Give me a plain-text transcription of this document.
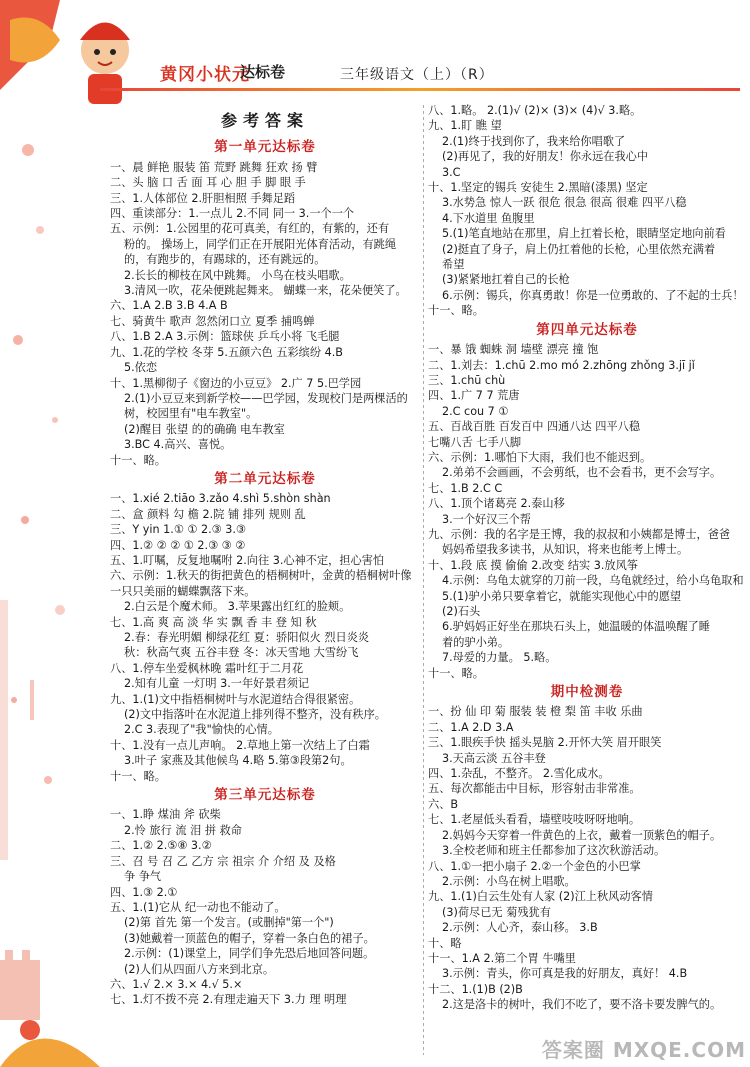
黄冈小状元
达标卷	三年级语文（上）（R）
参考答案
第一单元达标卷
一、晨 鲜艳 服装 笛 荒野 跳舞 狂欢 扬 臂
二、头 脑 口 舌 面 耳 心 胆 手 脚 眼 手
三、1.人体部位 2.肝胆相照 手舞足蹈
四、重读部分：1.一点儿 2.不同 同一 3.一个一个
五、示例：1.公园里的花可真美，有红的，有紫的，还有
粉的。 操场上，同学们正在开展阳光体育活动，有跳绳
的，有跑步的，有踢球的，还有跳远的。
2.长长的柳枝在风中跳舞。 小鸟在枝头唱歌。
3.清风一吹，花朵便跳起舞来。 蝴蝶一来，花朵便笑了。
六、1.A 2.B 3.B 4.A B
七、骑黄牛 歌声 忽然闭口立 夏季 捕鸣蝉
八、1.B 2.A 3.示例：篮球侠 乒乓小将 飞毛腿
九、1.花的学校 冬芽 5.五颜六色 五彩缤纷 4.B
5.依恋
十、1.黑柳彻子《窗边的小豆豆》 2.广 7 5.巴学园
2.(1)小豆豆来到新学校——巴学园，发现校门是两棵活的
树，校园里有"电车教室"。
(2)醒目 张望 的的确确 电车教室
3.BC 4.高兴、喜悦。
十一、略。
第二单元达标卷
一、1.xié 2.tiāo 3.zǎo 4.shì 5.shòn shàn
二、盒 颜料 勾 檐 2.院 铺 排列 规则 乱
三、Y yin 1.① ① 2.③ 3.③
四、1.② ② ② ① 2.③ ③ ②
五、1.叮嘱，反复地嘱咐 2.向往 3.心神不定，担心害怕
六、示例：1.秋天的街把黄色的梧桐树叶，金黄的梧桐树叶像
一只只美丽的蝴蝶飘落下来。
2.白云是个魔术师。 3.苹果露出红红的脸颊。
七、1.高 爽 高 淡 华 实 飘 香 丰 登 知 秋
2.春：春光明媚 柳绿花红 夏：骄阳似火 烈日炎炎
秋：秋高气爽 五谷丰登 冬：冰天雪地 大雪纷飞
八、1.停车坐爱枫林晚 霜叶红于二月花
2.知有儿童 一灯明 3.一年好景君须记
九、1.(1)文中指梧桐树叶与水泥道结合得很紧密。
(2)文中指落叶在水泥道上排列得不整齐，没有秩序。
2.C 3.表现了"我"愉快的心情。
十、1.没有一点儿声响。 2.草地上第一次结上了白霜
3.叶子 家燕及其他候鸟 4.略 5.第③段第2句。
十一、略。
第三单元达标卷
一、1.睁 煤油 斧 砍柴
2.怜 旅行 流 泪 拼 救命
二、1.② 2.⑤⑧ 3.②
三、召 号 召 乙 乙方 宗 祖宗 介 介绍 及 及格
争 争气
四、1.③ 2.①
五、1.(1)它从 纪一动也不能动了。
(2)第 首先 第一个发言。(或删掉"第一个")
(3)她戴着一顶蓝色的帽子，穿着一条白色的裙子。
2.示例：(1)课堂上，同学们争先恐后地回答问题。
(2)人们从四面八方来到北京。
六、1.√ 2.× 3.× 4.√ 5.×
七、1.灯不拨不亮 2.有理走遍天下 3.力 理 明理
八、1.略。 2.(1)√ (2)× (3)× (4)√ 3.略。
九、1.盯 瞧 望
2.(1)终于找到你了，我来给你唱歌了
(2)再见了，我的好朋友！你永远在我心中
3.C
十、1.坚定的锡兵 安徒生 2.黑暗(漆黑) 坚定
3.水势急 惊人一跃 很危 很急 很高 很难 四平八稳
4.下水道里 鱼腹里
5.(1)笔直地站在那里，肩上扛着长枪，眼睛坚定地向前看
(2)挺直了身子，肩上仍扛着他的长枪，心里依然充满着
希望
(3)紧紧地扛着自己的长枪
6.示例：锡兵，你真勇敢！你是一位勇敢的、了不起的士兵！
十一、略。
第四单元达标卷
一、暴 饿 蜘蛛 洞 墙壁 漂亮 撞 饱
二、1.刘去：1.chū 2.mo mó 2.zhōng zhǒng 3.jī jǐ
三、1.chū chù
四、1.广 7 7 荒唐
2.C cou 7 ①
五、百战百胜 百发百中 四通八达 四平八稳
七嘴八舌 七手八脚
六、示例：1.哪怕下大雨，我们也不能迟到。
2.弟弟不会画画，不会剪纸，也不会看书，更不会写字。
七、1.B 2.C C
八、1.顶个诸葛亮 2.泰山移
3.一个好汉三个帮
九、示例：我的名字是王博，我的叔叔和小姨都是博士，爸爸
妈妈希望我多读书，从知识，将来也能考上博士。
十、1.段 底 摸 偷偷 2.改变 结实 3.放风筝
4.示例：乌龟太就穿的刀前一段，乌龟就经过，给小乌龟取和
5.(1)驴小弟只要拿着它，就能实现他心中的愿望
(2)石头
6.驴妈妈正好坐在那块石头上，她温暖的体温唤醒了睡
着的驴小弟。
7.母爱的力量。 5.略。
十一、略。
期中检测卷
一、扮 仙 印 菊 服装 装 橙 梨 笛 丰收 乐曲
二、1.A 2.D 3.A
三、1.眼疾手快 摇头晃脑 2.开怀大笑 眉开眼笑
3.天高云淡 五谷丰登
四、1.杂乱，不整齐。 2.雪化成水。
五、每次都能击中目标，形容射击非常准。
六、B
七、1.老屋低头看看，墙壁吱吱呀呀地响。
2.妈妈今天穿着一件黄色的上衣，戴着一顶紫色的帽子。
3.全校老师和班主任都参加了这次秋游活动。
八、1.①一把小扇子 2.②一个金色的小巴掌
2.示例：小鸟在树上唱歌。
九、1.(1)白云生处有人家 (2)江上秋风动客情
(3)荷尽已无 菊残犹有
2.示例：人心齐，泰山移。 3.B
十、略
十一、1.A 2.第二个胃 牛嘴里
3.示例：青头，你可真是我的好朋友，真好！ 4.B
十二、1.(1)B (2)B
2.这是洛卡的树叶，我们不吃了，要不洛卡要发脾气的。
答案圈 MXQE.COM
